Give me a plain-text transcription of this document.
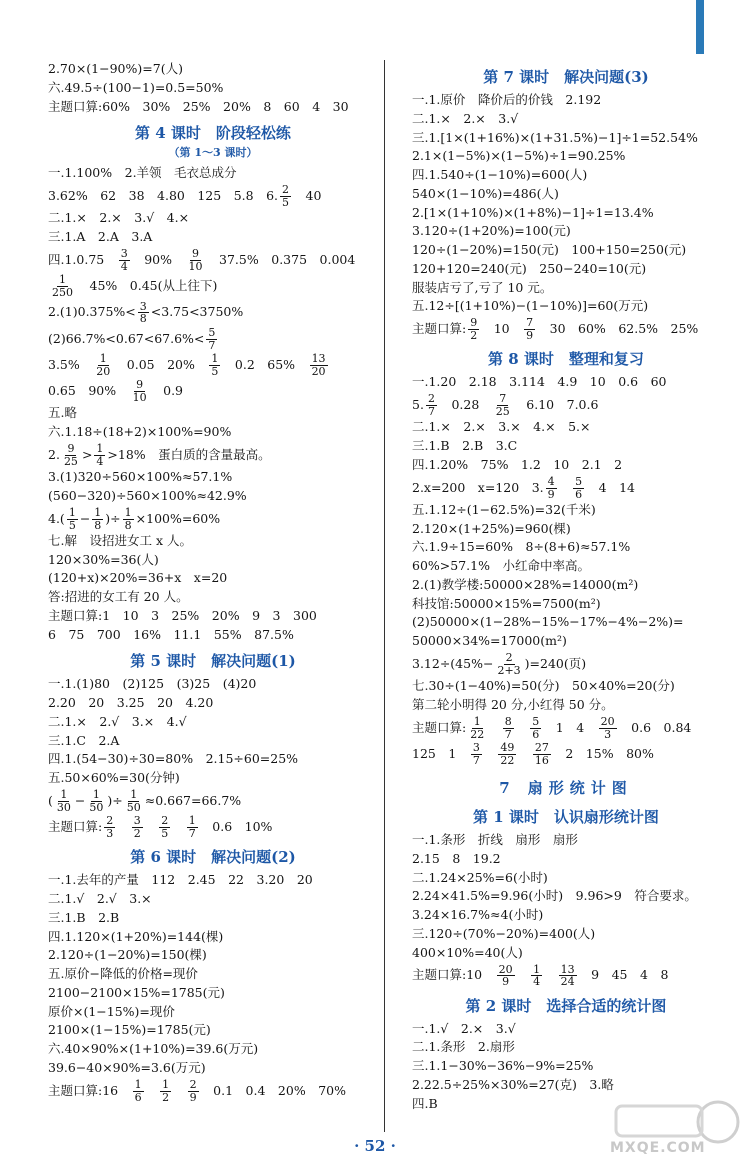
2.70×(1−90%)=7(人)
六.49.5÷(100−1)=0.5=50%
主题口算:60%　30%　25%　20%　8　60　4　30
第 4 课时　阶段轻松练
（第 1～3 课时）
一.1.100%　2.羊领　毛衣总成分
3.62%　62　38　4.80　125　5.8　6. $\frac{2}{5}$ 　40
二.1.×　2.×　3.√　4.×
三.1.A　2.A　3.A
四.1.0.75　 $\frac{3}{4}$ 　90%　 $\frac{9}{10}$ 　37.5%　0.375　0.004
$\frac{1}{250}$ 　45%　0.45(从上往下)
$2.(1)0.375\%< \frac{3}{8} <3.75<3750\%$
$(2)66.7\%<0.67<67.6\%< \frac{5}{7}$
3.5%　 $\frac{1}{20}$ 　0.05　20%　 $\frac{1}{5}$ 　0.2　65%　 $\frac{13}{20}$
0.65　90%　 $\frac{9}{10}$ 　0.9
五.略
六.1.18÷(18+2)×100%=90%
2. $\frac{9}{25} > \frac{1}{4} >18\%$　蛋白质的含量最高。
3.(1)320÷560×100%≈57.1%
(560−320)÷560×100%≈42.9%
$4.( \frac{1}{5} - \frac{1}{8}$ )÷ $\frac{1}{8} \times 100\%=60\%$
七.解　设招进女工 x 人。
120×30%=36(人)
(120+x)×20%=36+x　x=20
答:招进的女工有 20 人。
主题口算:1　10　3　25%　20%　9　3　300
6　75　700　16%　11.1　55%　87.5%
第 5 课时　解决问题(1)
一.1.(1)80　(2)125　(3)25　(4)20
2.20　20　3.25　20　4.20
二.1.×　2.√　3.×　4.√
三.1.C　2.A
四.1.(54−30)÷30=80%　2.15÷60=25%
五.50×60%=30(分钟)
( $\frac{1}{30} - \frac{1}{50}$ )÷ $\frac{1}{50} \approx 0.667=66.7\%$
主题口算: $\frac{2}{3}$
　 $\frac{3}{2}$
　 $\frac{2}{5}$
　 $\frac{1}{7}$ 　0.6　10%
第 6 课时　解决问题(2)
一.1.去年的产量　112　2.45　22　3.20　20
二.1.√　2.√　3.×
三.1.B　2.B
四.1.120×(1+20%)=144(棵)
2.120÷(1−20%)=150(棵)
五.原价−降低的价格=现价
2100−2100×15%=1785(元)
原价×(1−15%)=现价
2100×(1−15%)=1785(元)
六.40×90%×(1+10%)=39.6(万元)
39.6−40×90%=3.6(万元)
主题口算:16　 $\frac{1}{6}$
　 $\frac{1}{2}$
　 $\frac{2}{9}$ 　0.1　0.4　20%　70%
第 7 课时　解决问题(3)
一.1.原价　降价后的价钱　2.192
二.1.×　2.×　3.√
三.1.[1×(1+16%)×(1+31.5%)−1]÷1=52.54%
2.1×(1−5%)×(1−5%)÷1=90.25%
四.1.540÷(1−10%)=600(人)
540×(1−10%)=486(人)
2.[1×(1+10%)×(1+8%)−1]÷1=13.4%
3.120÷(1+20%)=100(元)
120÷(1−20%)=150(元)　100+150=250(元)
120+120=240(元)　250−240=10(元)
服装店亏了,亏了 10 元。
五.12÷[(1+10%)−(1−10%)]=60(万元)
主题口算: $\frac{9}{2}$ 　10　 $\frac{7}{9}$ 　30　60%　62.5%　25%
第 8 课时　整理和复习
一.1.20　2.18　3.114　4.9　10　0.6　60
5. $\frac{2}{7}$ 　0.28　 $\frac{7}{25}$ 　6.10　7.0.6
二.1.×　2.×　3.×　4.×　5.×
三.1.B　2.B　3.C
四.1.20%　75%　1.2　10　2.1　2
2.x=200　x=120　3. $\frac{4}{9}$
　 $\frac{5}{6}$ 　4　14
五.1.12÷(1−62.5%)=32(千米)
2.120×(1+25%)=960(棵)
六.1.9÷15=60%　8÷(8+6)≈57.1%
60%>57.1%　小红命中率高。
2.(1)教学楼:50000×28%=14000(m²)
科技馆:50000×15%=7500(m²)
(2)50000×(1−28%−15%−17%−4%−2%)=
50000×34%=17000(m²)
$3.12\div(45\%- \frac{2}{2+3} )=240$(页)
七.30÷(1−40%)=50(分)　50×40%=20(分)
第二轮小明得 20 分,小红得 50 分。
主题口算: $\frac{1}{22}$
　 $\frac{8}{7}$
　 $\frac{5}{6}$ 　1　4　 $\frac{20}{3}$ 　0.6　0.84
125　1　 $\frac{3}{7}$
　 $\frac{49}{22}$
　 $\frac{27}{16}$ 　2　15%　80%
7 扇形统计图
第 1 课时　认识扇形统计图
一.1.条形　折线　扇形　扇形
2.15　8　19.2
二.1.24×25%=6(小时)
2.24×41.5%=9.96(小时)　9.96>9　符合要求。
3.24×16.7%≈4(小时)
三.120÷(70%−20%)=400(人)
400×10%=40(人)
主题口算:10　 $\frac{20}{9}$
　 $\frac{1}{4}$
　 $\frac{13}{24}$ 　9　45　4　8
第 2 课时　选择合适的统计图
一.1.√　2.×　3.√
二.1.条形　2.扇形
三.1.1−30%−36%−9%=25%
2.22.5÷25%×30%=27(克)　3.略
四.B
· 52 ·	MXQE.COM
